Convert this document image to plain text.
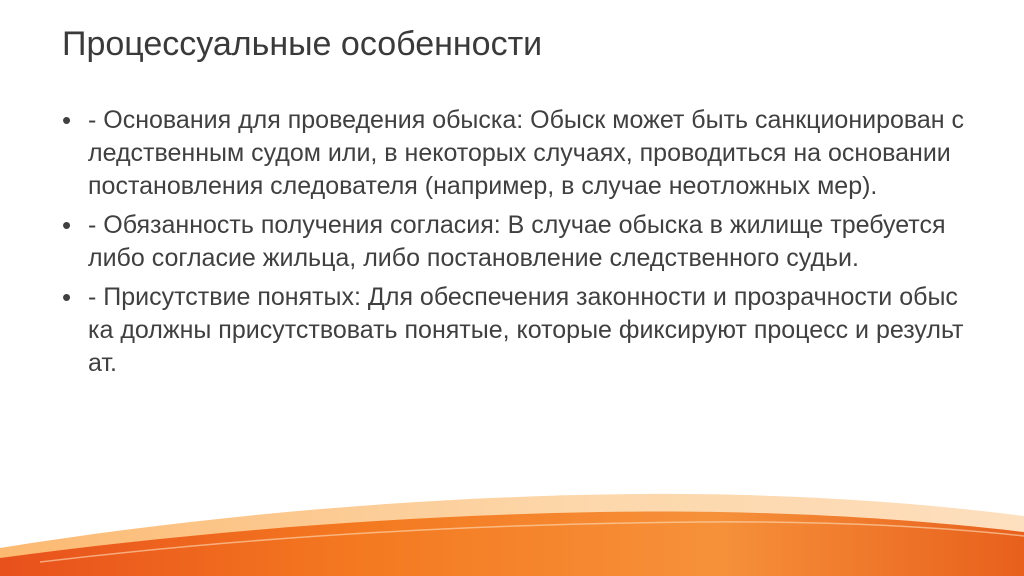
Процессуальные особенности
• - Основания для проведения обыска: Обыск может быть санкционирован следственным судом или, в некоторых случаях, проводиться на основании постановления следователя (например, в случае неотложных мер).
• - Обязанность получения согласия: В случае обыска в жилище требуется либо согласие жильца, либо постановление следственного судьи.
• - Присутствие понятых: Для обеспечения законности и прозрачности обыска должны присутствовать понятые, которые фиксируют процесс и результат.
